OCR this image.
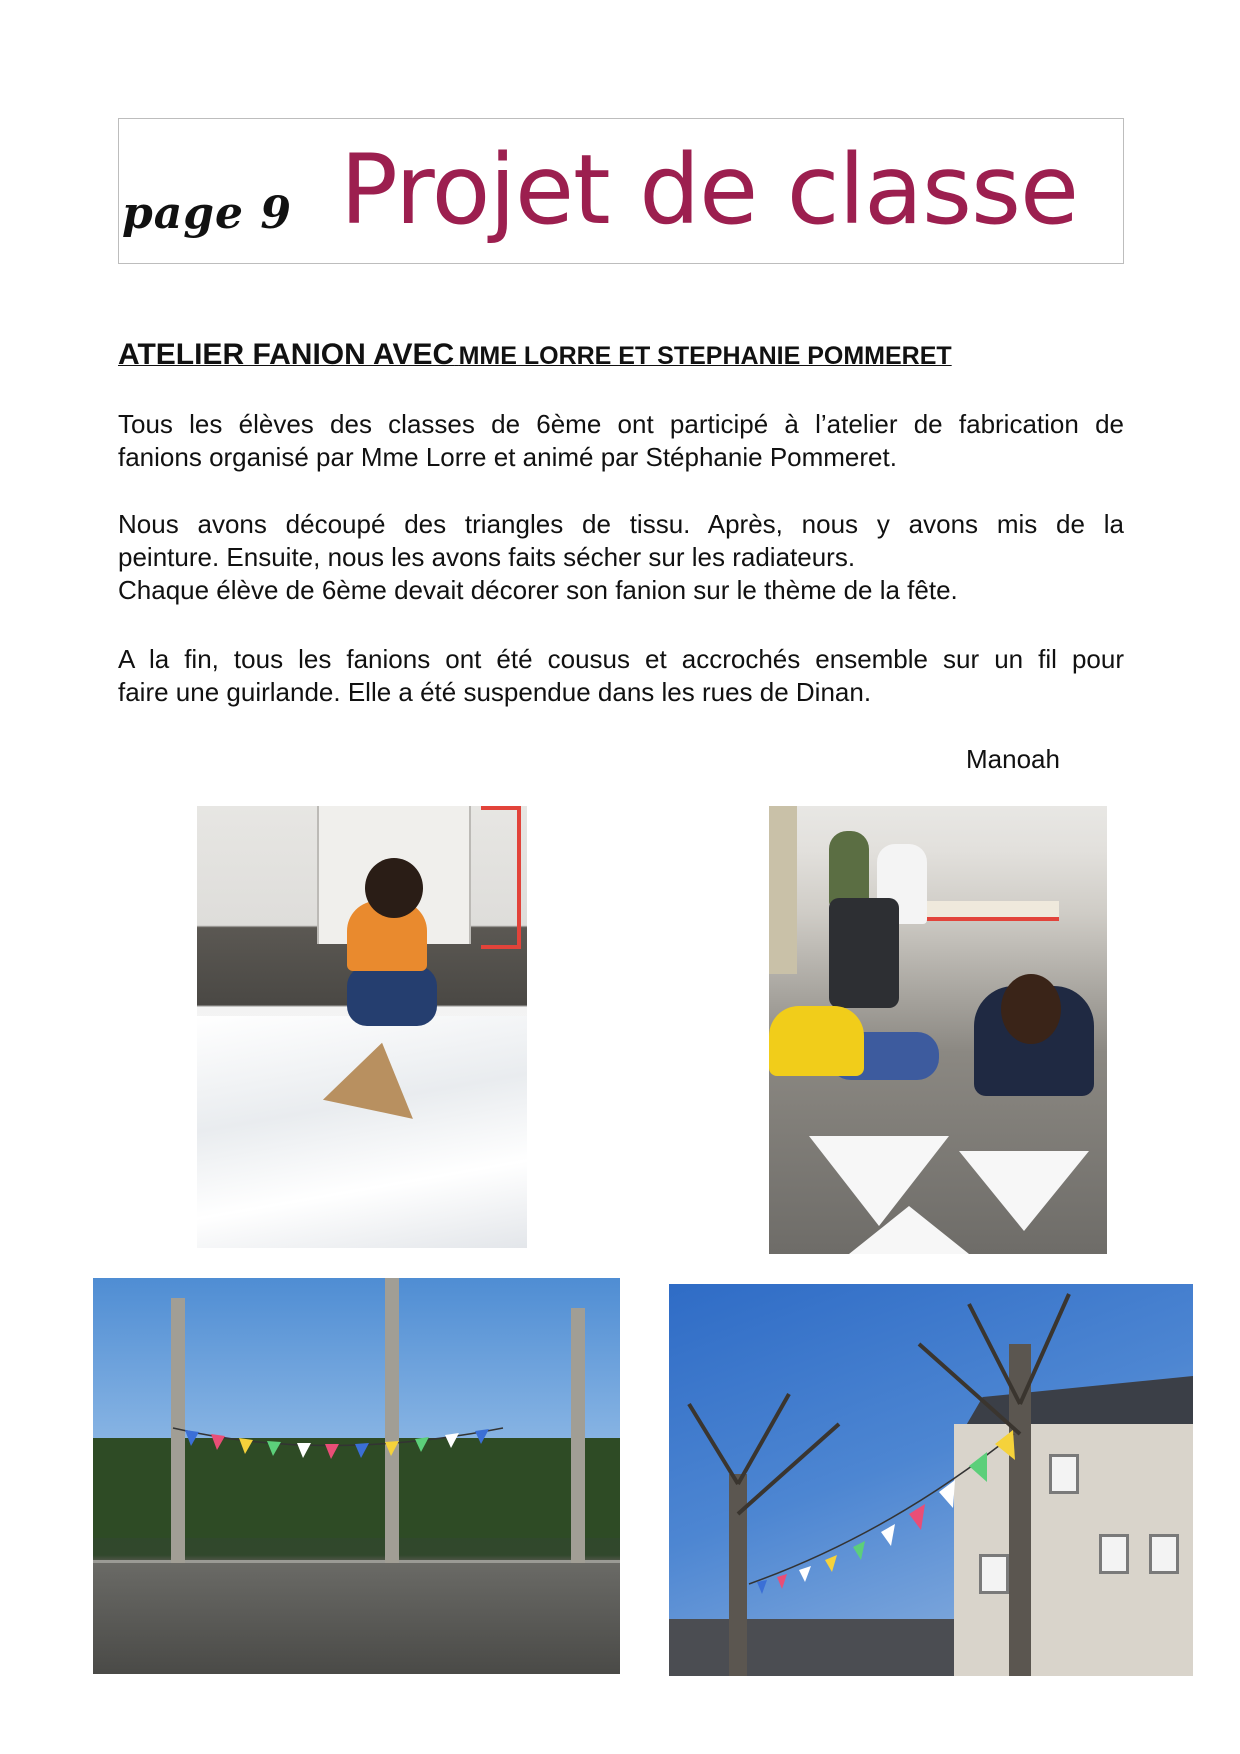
page 9 Projet de classe
ATELIER FANION AVEC MME LORRE ET STEPHANIE POMMERET
Tous les élèves des classes de 6ème ont participé à l’atelier de fabrication de
fanions organisé par Mme Lorre et animé par Stéphanie Pommeret.
Nous avons découpé des triangles de tissu. Après, nous y avons mis de la
peinture. Ensuite, nous les avons faits sécher sur les radiateurs.
Chaque élève de 6ème devait décorer son fanion sur le thème de la fête.
A la fin, tous les fanions ont été cousus et accrochés ensemble sur un fil pour
faire une guirlande. Elle a été suspendue dans les rues de Dinan.
Manoah
